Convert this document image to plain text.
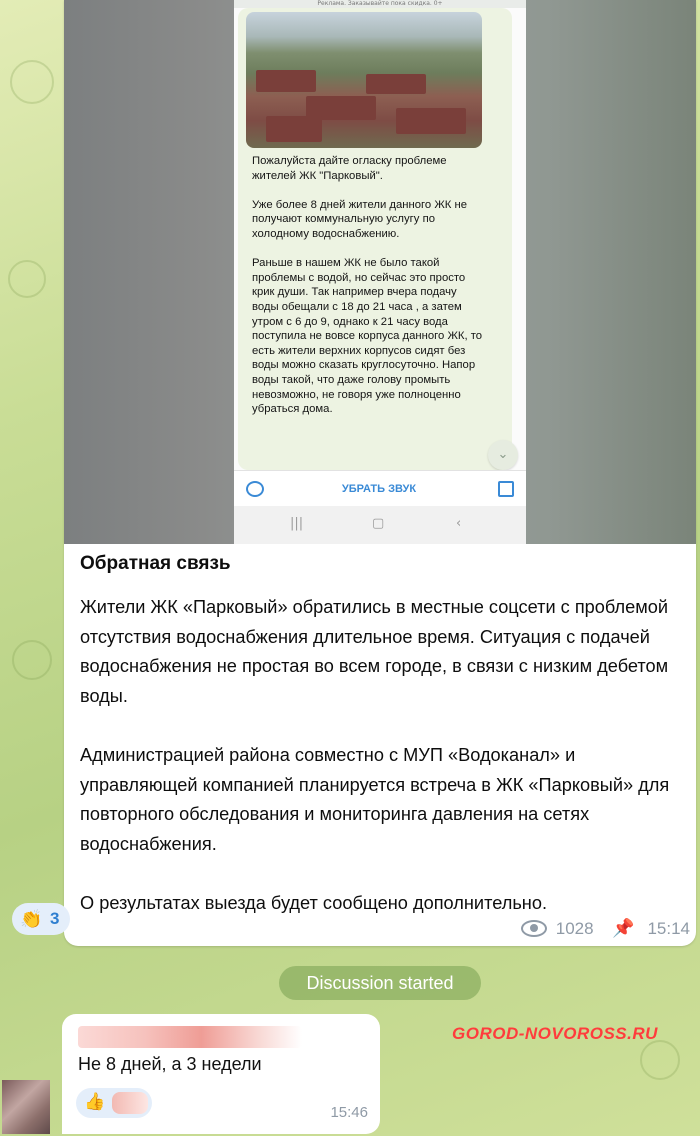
Реклама. Заказывайте пока скидка. 0+
Пожалуйста дайте огласку проблеме жителей ЖК "Парковый".

Уже более 8 дней жители данного ЖК не получают коммунальную услугу по холодному водоснабжению.

Раньше в нашем ЖК не было такой проблемы с водой, но сейчас это просто крик души. Так например вчера подачу воды обещали с 18 до 21 часа , а затем утром с 6 до 9, однако к 21 часу вода поступила не вовсе корпуса данного ЖК, то есть жители верхних корпусов сидят без воды можно сказать круглосуточно. Напор воды такой, что даже голову промыть невозможно, не говоря уже полноценно убраться дома.
⌄
УБРАТЬ ЗВУК
|||	▢	‹
Обратная связь
Жители ЖК «Парковый» обратились в местные соцсети с проблемой отсутствия водоснабжения длительное время. Ситуация с подачей водоснабжения не простая во всем городе, в связи с низким дебетом воды.
Администрацией района совместно с МУП «Водоканал» и управляющей компанией планируется встреча в ЖК «Парковый» для повторного обследования и мониторинга давления на сетях водоснабжения.
О результатах выезда будет сообщено дополнительно.
👏 3
1028 📌 15:14
Discussion started
GOROD-NOVOROSS.RU
Не 8 дней, а 3 недели
👍
15:46
